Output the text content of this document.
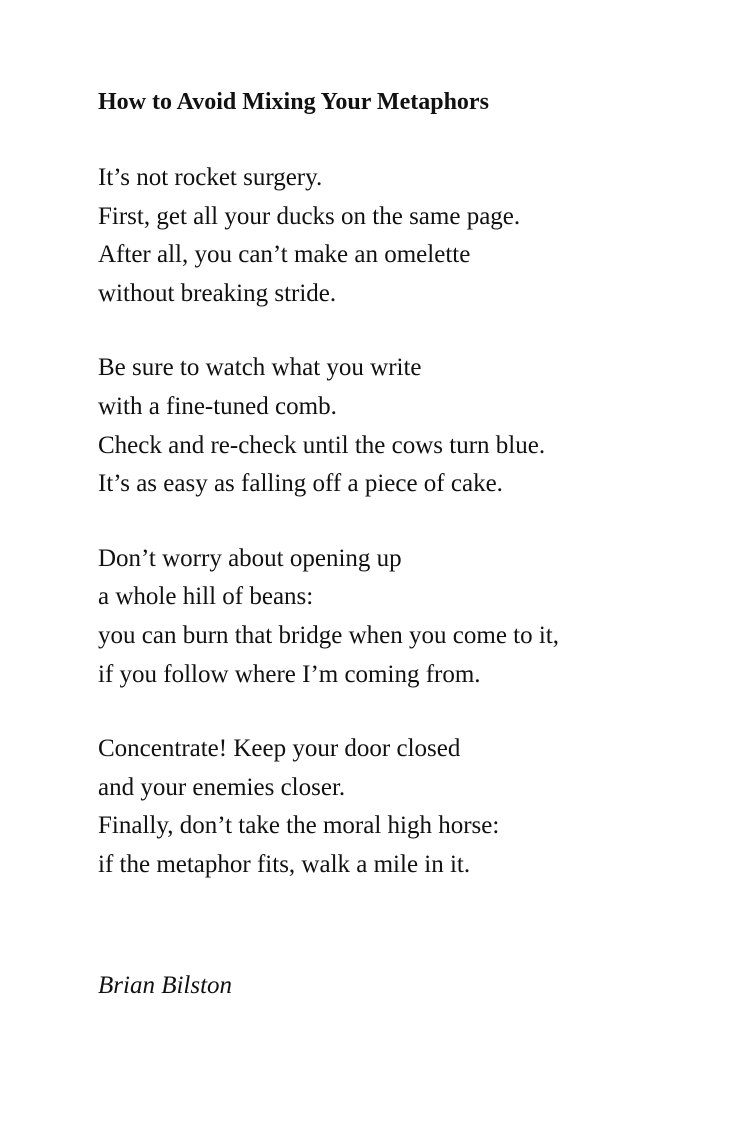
How to Avoid Mixing Your Metaphors
It’s not rocket surgery.
First, get all your ducks on the same page.
After all, you can’t make an omelette
without breaking stride.
Be sure to watch what you write
with a fine-tuned comb.
Check and re-check until the cows turn blue.
It’s as easy as falling off a piece of cake.
Don’t worry about opening up
a whole hill of beans:
you can burn that bridge when you come to it,
if you follow where I’m coming from.
Concentrate! Keep your door closed
and your enemies closer.
Finally, don’t take the moral high horse:
if the metaphor fits, walk a mile in it.
Brian Bilston
